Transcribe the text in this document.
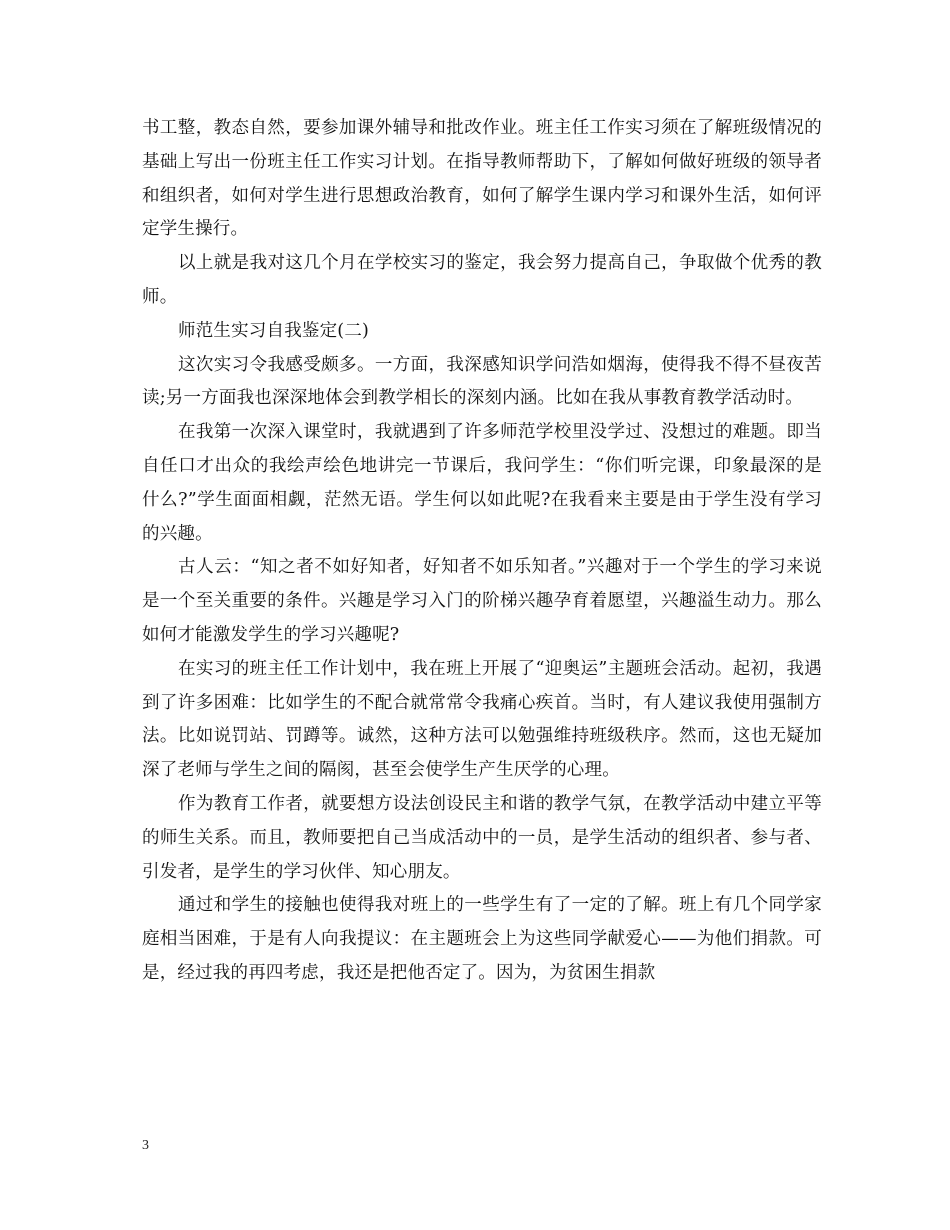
书工整，教态自然，要参加课外辅导和批改作业。班主任工作实习须在了解班级情况的基础上写出一份班主任工作实习计划。在指导教师帮助下，了解如何做好班级的领导者和组织者，如何对学生进行思想政治教育，如何了解学生课内学习和课外生活，如何评定学生操行。

以上就是我对这几个月在学校实习的鉴定，我会努力提高自己，争取做个优秀的教师。

师范生实习自我鉴定(二)

这次实习令我感受颇多。一方面，我深感知识学问浩如烟海，使得我不得不昼夜苦读;另一方面我也深深地体会到教学相长的深刻内涵。比如在我从事教育教学活动时。

在我第一次深入课堂时，我就遇到了许多师范学校里没学过、没想过的难题。即当自任口才出众的我绘声绘色地讲完一节课后，我问学生：“你们听完课，印象最深的是什么?”学生面面相觑，茫然无语。学生何以如此呢?在我看来主要是由于学生没有学习的兴趣。

古人云：“知之者不如好知者，好知者不如乐知者。”兴趣对于一个学生的学习来说是一个至关重要的条件。兴趣是学习入门的阶梯兴趣孕育着愿望，兴趣溢生动力。那么如何才能激发学生的学习兴趣呢?

在实习的班主任工作计划中，我在班上开展了“迎奥运”主题班会活动。起初，我遇到了许多困难：比如学生的不配合就常常令我痛心疾首。当时，有人建议我使用强制方法。比如说罚站、罚蹲等。诚然，这种方法可以勉强维持班级秩序。然而，这也无疑加深了老师与学生之间的隔阂，甚至会使学生产生厌学的心理。

作为教育工作者，就要想方设法创设民主和谐的教学气氛，在教学活动中建立平等的师生关系。而且，教师要把自己当成活动中的一员，是学生活动的组织者、参与者、引发者，是学生的学习伙伴、知心朋友。

通过和学生的接触也使得我对班上的一些学生有了一定的了解。班上有几个同学家庭相当困难，于是有人向我提议：在主题班会上为这些同学献爱心——为他们捐款。可是，经过我的再四考虑，我还是把他否定了。因为，为贫困生捐款

3
